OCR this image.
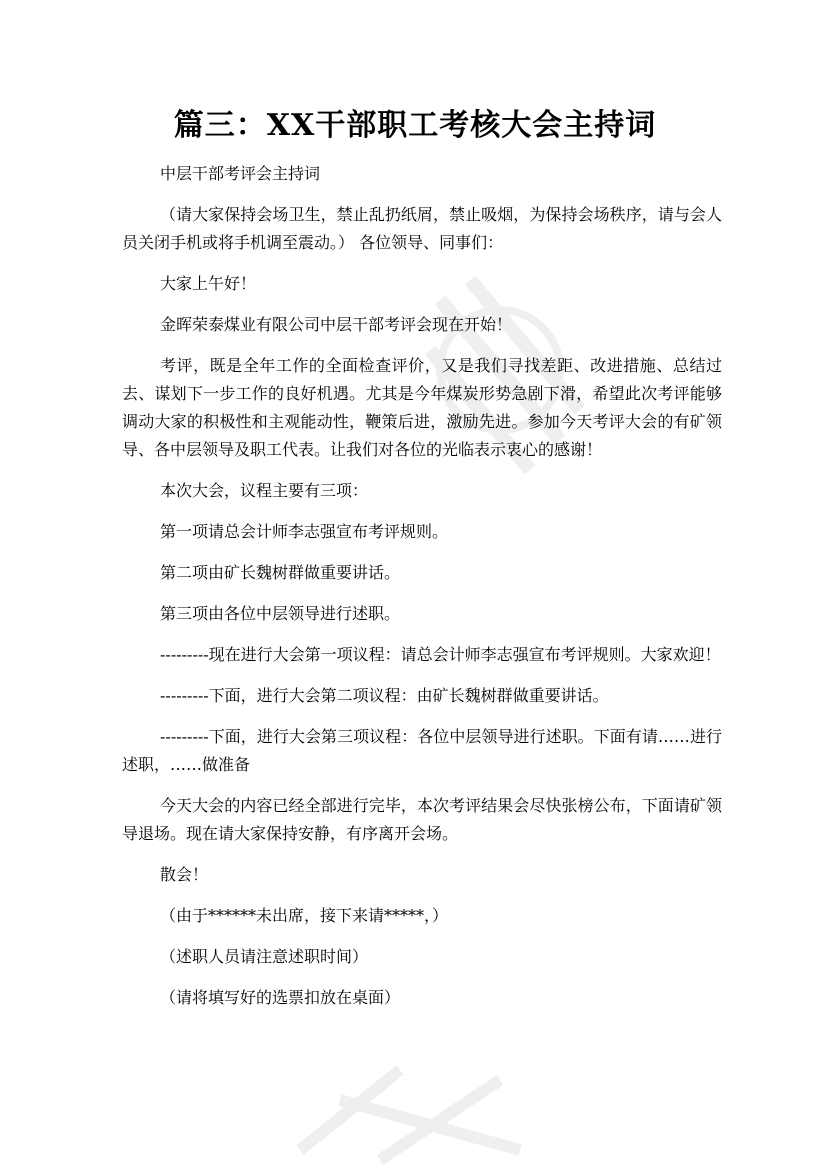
篇三：XX干部职工考核大会主持词

中层干部考评会主持词

（请大家保持会场卫生，禁止乱扔纸屑，禁止吸烟，为保持会场秩序，请与会人员关闭手机或将手机调至震动。） 各位领导、同事们：

大家上午好！

金晖荣泰煤业有限公司中层干部考评会现在开始！

考评，既是全年工作的全面检查评价，又是我们寻找差距、改进措施、总结过去、谋划下一步工作的良好机遇。尤其是今年煤炭形势急剧下滑，希望此次考评能够调动大家的积极性和主观能动性，鞭策后进，激励先进。参加今天考评大会的有矿领导、各中层领导及职工代表。让我们对各位的光临表示衷心的感谢！

本次大会，议程主要有三项：

第一项请总会计师李志强宣布考评规则。

第二项由矿长魏树群做重要讲话。

第三项由各位中层领导进行述职。

---------现在进行大会第一项议程：请总会计师李志强宣布考评规则。大家欢迎！

---------下面，进行大会第二项议程：由矿长魏树群做重要讲话。

---------下面，进行大会第三项议程：各位中层领导进行述职。下面有请……进行述职，……做准备

今天大会的内容已经全部进行完毕，本次考评结果会尽快张榜公布，下面请矿领导退场。现在请大家保持安静，有序离开会场。

散会！

（由于******未出席，接下来请*****，）

（述职人员请注意述职时间）

（请将填写好的选票扣放在桌面）
